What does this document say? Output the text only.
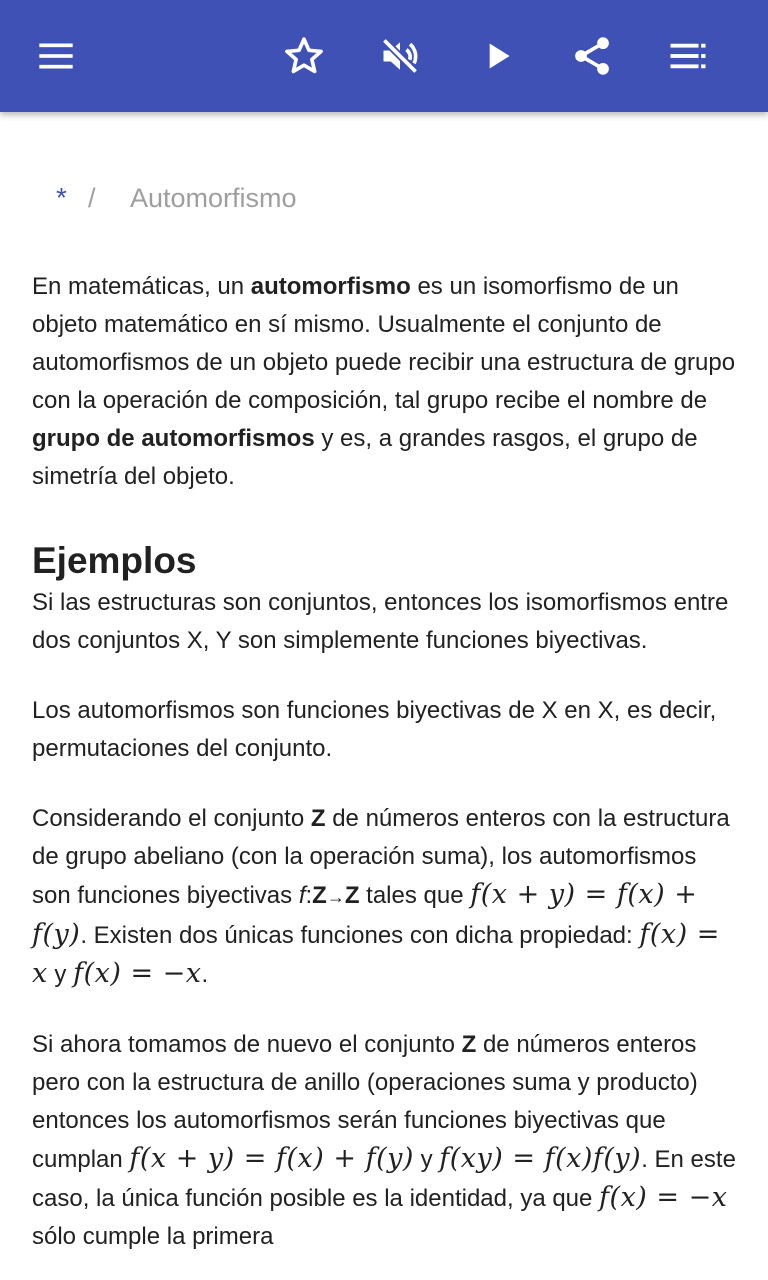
* /	Automorfismo

En matemáticas, un automorfismo es un isomorfismo de un objeto matemático en sí mismo. Usualmente el conjunto de automorfismos de un objeto puede recibir una estructura de grupo con la operación de composición, tal grupo recibe el nombre de grupo de automorfismos y es, a grandes rasgos, el grupo de simetría del objeto.

Ejemplos

Si las estructuras son conjuntos, entonces los isomorfismos entre dos conjuntos X, Y son simplemente funciones biyectivas.

Los automorfismos son funciones biyectivas de X en X, es decir, permutaciones del conjunto.

Considerando el conjunto Z de números enteros con la estructura de grupo abeliano (con la operación suma), los automorfismos son funciones biyectivas f:Z→Z tales que f(x + y) = f(x) + f(y). Existen dos únicas funciones con dicha propiedad: f(x) = x y f(x) = −x.

Si ahora tomamos de nuevo el conjunto Z de números enteros pero con la estructura de anillo (operaciones suma y producto) entonces los automorfismos serán funciones biyectivas que cumplan f(x + y) = f(x) + f(y) y f(xy) = f(x)f(y). En este caso, la única función posible es la identidad, ya que f(x) = −x sólo cumple la primera
